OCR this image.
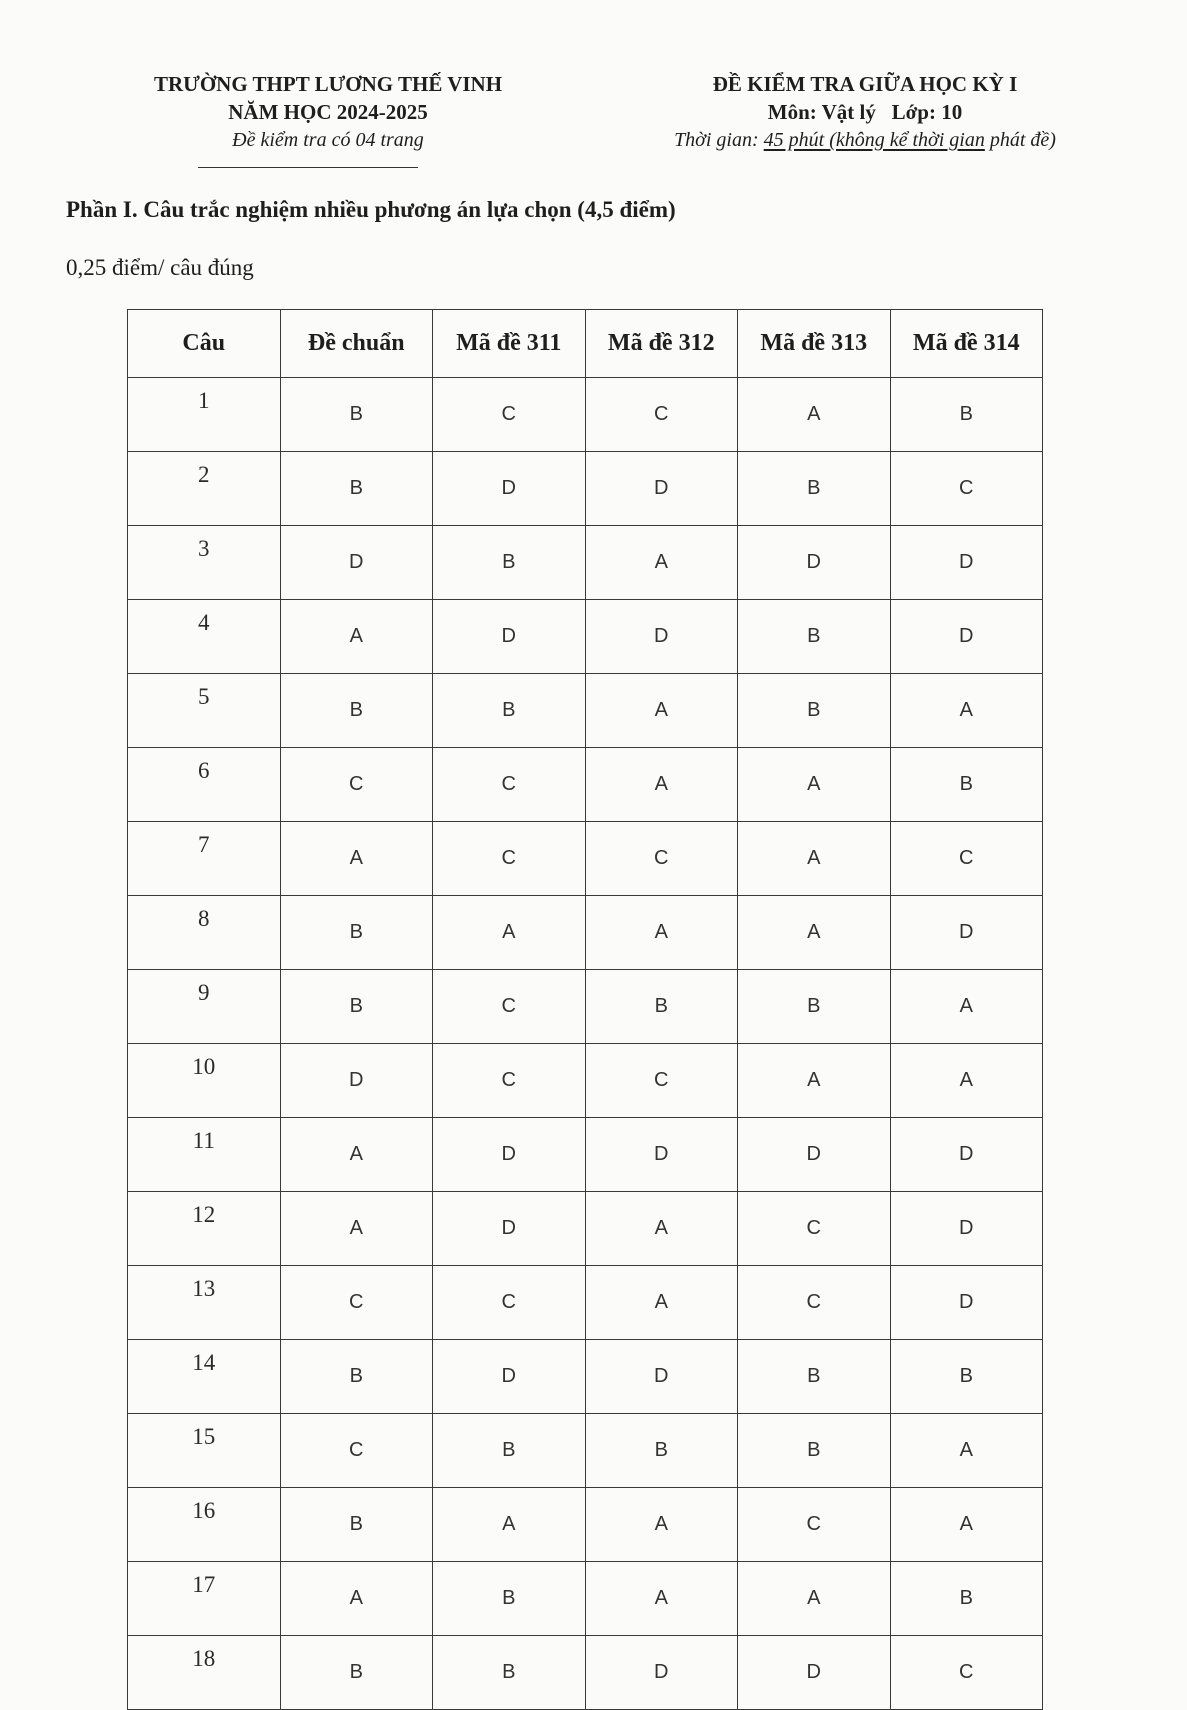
TRƯỜNG THPT LƯƠNG THẾ VINH
NĂM HỌC 2024-2025
Đề kiểm tra có 04 trang
ĐỀ KIỂM TRA GIỮA HỌC KỲ I
Môn: Vật lý   Lớp: 10
Thời gian: 45 phút (không kể thời gian phát đề)
Phần I. Câu trắc nghiệm nhiều phương án lựa chọn (4,5 điểm)
0,25 điểm/ câu đúng
Câu	Đề chuẩn	Mã đề 311	Mã đề 312	Mã đề 313	Mã đề 314
1	B	C	C	A	B
2	B	D	D	B	C
3	D	B	A	D	D
4	A	D	D	B	D
5	B	B	A	B	A
6	C	C	A	A	B
7	A	C	C	A	C
8	B	A	A	A	D
9	B	C	B	B	A
10	D	C	C	A	A
11	A	D	D	D	D
12	A	D	A	C	D
13	C	C	A	C	D
14	B	D	D	B	B
15	C	B	B	B	A
16	B	A	A	C	A
17	A	B	A	A	B
18	B	B	D	D	C
